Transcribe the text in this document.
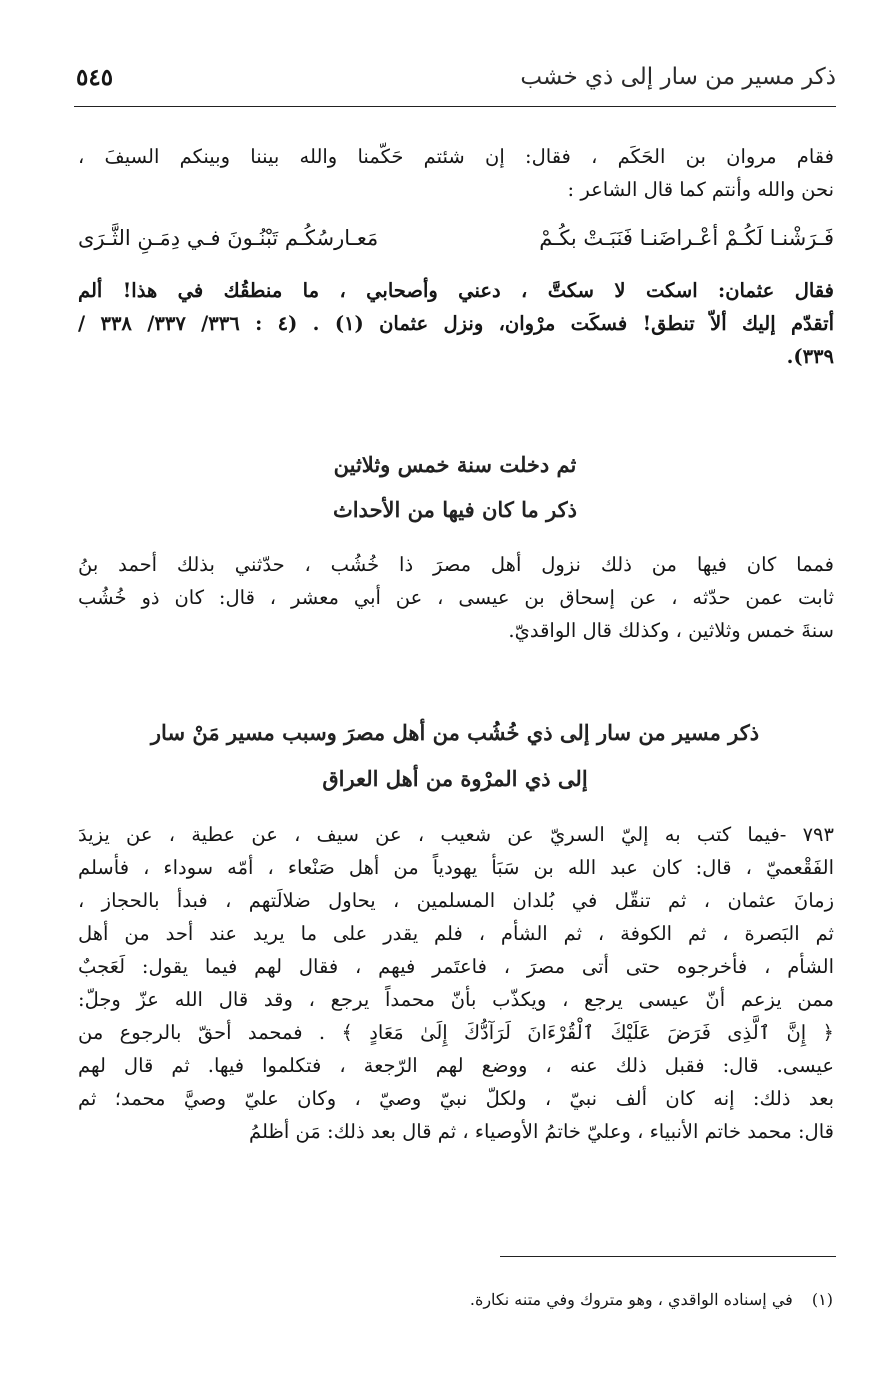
ذكر مسير من سار إلى ذي خشب
٥٤٥
فقام مروان بن الحَكَم ، فقال: إن شئتم حَكّمنا والله بيننا وبينكم السيفَ ،
نحن والله وأنتم كما قال الشاعر :
فَـرَشْنـا لَكُـمْ أعْـراضَنـا فَنَبَـتْ بكُـمْ
مَعـارسُكُـم تَبْنُـونَ فـي دِمَـنِ الثَّـرَى
فقال عثمان: اسكت لا سكتَّ ، دعني وأصحابي ، ما منطقُك في هذا! ألم
أتقدّم إليك ألاّ تنطق! فسكَت مرْوان، ونزل عثمان (١) . (٤ : ٣٣٦/ ٣٣٧/ ٣٣٨ /
٣٣٩).
ثم دخلت سنة خمس وثلاثين
ذكر ما كان فيها من الأحداث
فمما كان فيها من ذلك نزول أهل مصرَ ذا خُشُب ، حدّثني بذلك أحمد بنُ
ثابت عمن حدّثه ، عن إسحاق بن عيسى ، عن أبي معشر ، قال: كان ذو خُشُب
سنةَ خمس وثلاثين ، وكذلك قال الواقديّ.
ذكر مسير من سار إلى ذي خُشُب من أهل مصرَ وسبب مسير مَنْ سار
إلى ذي المرْوة من أهل العراق
٧٩٣ -فيما كتب به إليّ السريّ عن شعيب ، عن سيف ، عن عطية ، عن يزيدَ
الفَقْعميّ ، قال: كان عبد الله بن سَبَأ يهودياً من أهل صَنْعاء ، أمّه سوداء ، فأسلم
زمانَ عثمان ، ثم تنقّل في بُلدان المسلمين ، يحاول ضلالَتهم ، فبدأ بالحجاز ،
ثم البَصرة ، ثم الكوفة ، ثم الشأم ، فلم يقدر على ما يريد عند أحد من أهل
الشأم ، فأخرجوه حتى أتى مصرَ ، فاعتَمر فيهم ، فقال لهم فيما يقول: لَعَجبٌ
ممن يزعم أنّ عيسى يرجع ، ويكذّب بأنّ محمداً يرجع ، وقد قال الله عزّ وجلّ:
﴿ إِنَّ ٱلَّذِى فَرَضَ عَلَيْكَ ٱلْقُرْءَانَ لَرَآدُّكَ إِلَىٰ مَعَادٍ ﴾ . فمحمد أحقّ بالرجوع من
عيسى. قال: فقبل ذلك عنه ، ووضع لهم الرّجعة ، فتكلموا فيها. ثم قال لهم
بعد ذلك: إنه كان ألف نبيّ ، ولكلّ نبيّ وصيّ ، وكان عليّ وصيَّ محمد؛ ثم
قال: محمد خاتم الأنبياء ، وعليّ خاتمُ الأوصياء ، ثم قال بعد ذلك: مَن أظلمُ
(١) في إسناده الواقدي ، وهو متروك وفي متنه نكارة.
